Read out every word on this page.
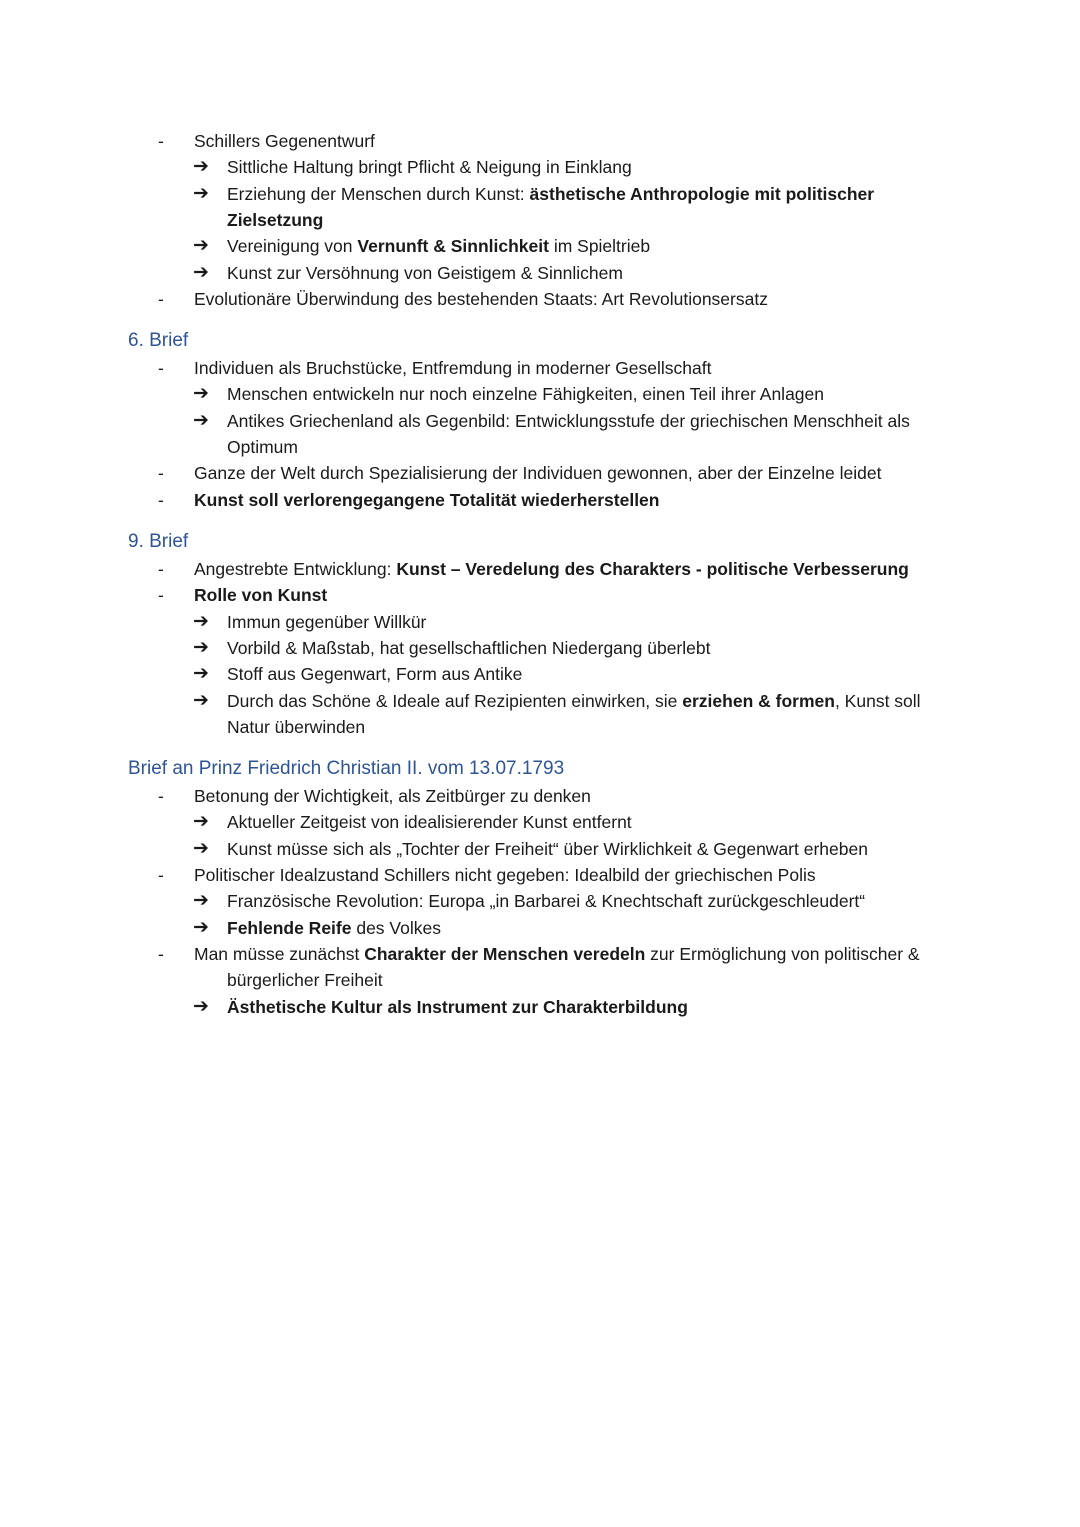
- Schillers Gegenentwurf
➔ Sittliche Haltung bringt Pflicht & Neigung in Einklang
➔ Erziehung der Menschen durch Kunst: ästhetische Anthropologie mit politischer
Zielsetzung
➔ Vereinigung von Vernunft & Sinnlichkeit im Spieltrieb
➔ Kunst zur Versöhnung von Geistigem & Sinnlichem
- Evolutionäre Überwindung des bestehenden Staats: Art Revolutionsersatz
6. Brief
- Individuen als Bruchstücke, Entfremdung in moderner Gesellschaft
➔ Menschen entwickeln nur noch einzelne Fähigkeiten, einen Teil ihrer Anlagen
➔ Antikes Griechenland als Gegenbild: Entwicklungsstufe der griechischen Menschheit als
Optimum
- Ganze der Welt durch Spezialisierung der Individuen gewonnen, aber der Einzelne leidet
- Kunst soll verlorengegangene Totalität wiederherstellen
9. Brief
- Angestrebte Entwicklung: Kunst – Veredelung des Charakters - politische Verbesserung
- Rolle von Kunst
➔ Immun gegenüber Willkür
➔ Vorbild & Maßstab, hat gesellschaftlichen Niedergang überlebt
➔ Stoff aus Gegenwart, Form aus Antike
➔ Durch das Schöne & Ideale auf Rezipienten einwirken, sie erziehen & formen, Kunst soll
Natur überwinden
Brief an Prinz Friedrich Christian II. vom 13.07.1793
- Betonung der Wichtigkeit, als Zeitbürger zu denken
➔ Aktueller Zeitgeist von idealisierender Kunst entfernt
➔ Kunst müsse sich als „Tochter der Freiheit“ über Wirklichkeit & Gegenwart erheben
- Politischer Idealzustand Schillers nicht gegeben: Idealbild der griechischen Polis
➔ Französische Revolution: Europa „in Barbarei & Knechtschaft zurückgeschleudert“
➔ Fehlende Reife des Volkes
- Man müsse zunächst Charakter der Menschen veredeln zur Ermöglichung von politischer &
bürgerlicher Freiheit
➔ Ästhetische Kultur als Instrument zur Charakterbildung
